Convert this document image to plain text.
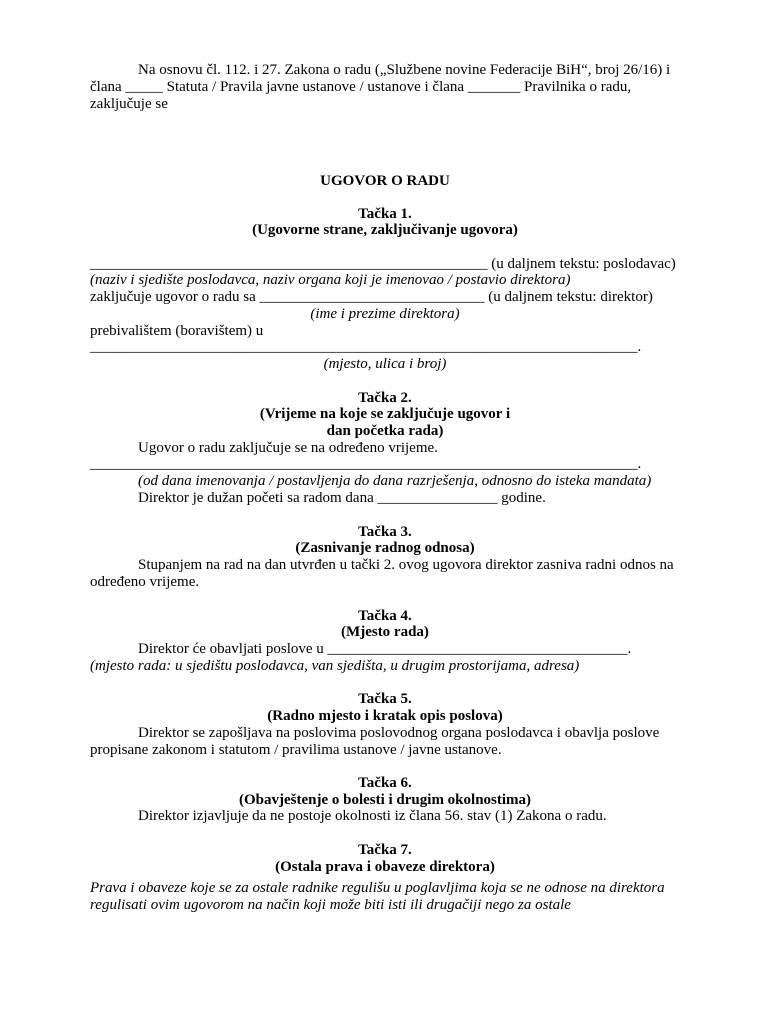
Na osnovu čl. 112. i 27. Zakona o radu („Službene novine Federacije BiH“, broj 26/16) i člana _____ Statuta / Pravila javne ustanove / ustanove i člana _______ Pravilnika o radu, zaključuje se

UGOVOR O RADU

Tačka 1.

(Ugovorne strane, zaključivanje ugovora)

_____________________________________________________ (u daljnem tekstu: poslodavac)

(naziv i sjedište poslodavca, naziv organa koji je imenovao / postavio direktora)

zaključuje ugovor o radu sa ______________________________ (u daljnem tekstu: direktor)

(ime i prezime direktora)

prebivalištem (boravištem) u

_________________________________________________________________________.

(mjesto, ulica i broj)

Tačka 2.

(Vrijeme na koje se zaključuje ugovor i

dan početka rada)

Ugovor o radu zaključuje se na određeno vrijeme.

_________________________________________________________________________.

(od dana imenovanja / postavljenja do dana razrješenja, odnosno do isteka mandata)

Direktor je dužan početi sa radom dana ________________ godine.

Tačka 3.

(Zasnivanje radnog odnosa)

Stupanjem na rad na dan utvrđen u tački 2. ovog ugovora direktor zasniva radni odnos na određeno vrijeme.

Tačka 4.

(Mjesto rada)

Direktor će obavljati poslove u ________________________________________.

(mjesto rada: u sjedištu poslodavca, van sjedišta, u drugim prostorijama, adresa)

Tačka 5.

(Radno mjesto i kratak opis poslova)

Direktor se zapošljava na poslovima poslovodnog organa poslodavca i obavlja poslove propisane zakonom i statutom / pravilima ustanove / javne ustanove.

Tačka 6.

(Obavještenje o bolesti i drugim okolnostima)

Direktor izjavljuje da ne postoje okolnosti iz člana 56. stav (1) Zakona o radu.

Tačka 7.

(Ostala prava i obaveze direktora)

Prava i obaveze koje se za ostale radnike regulišu u poglavljima koja se ne odnose na direktora regulisati ovim ugovorom na način koji može biti isti ili drugačiji nego za ostale
